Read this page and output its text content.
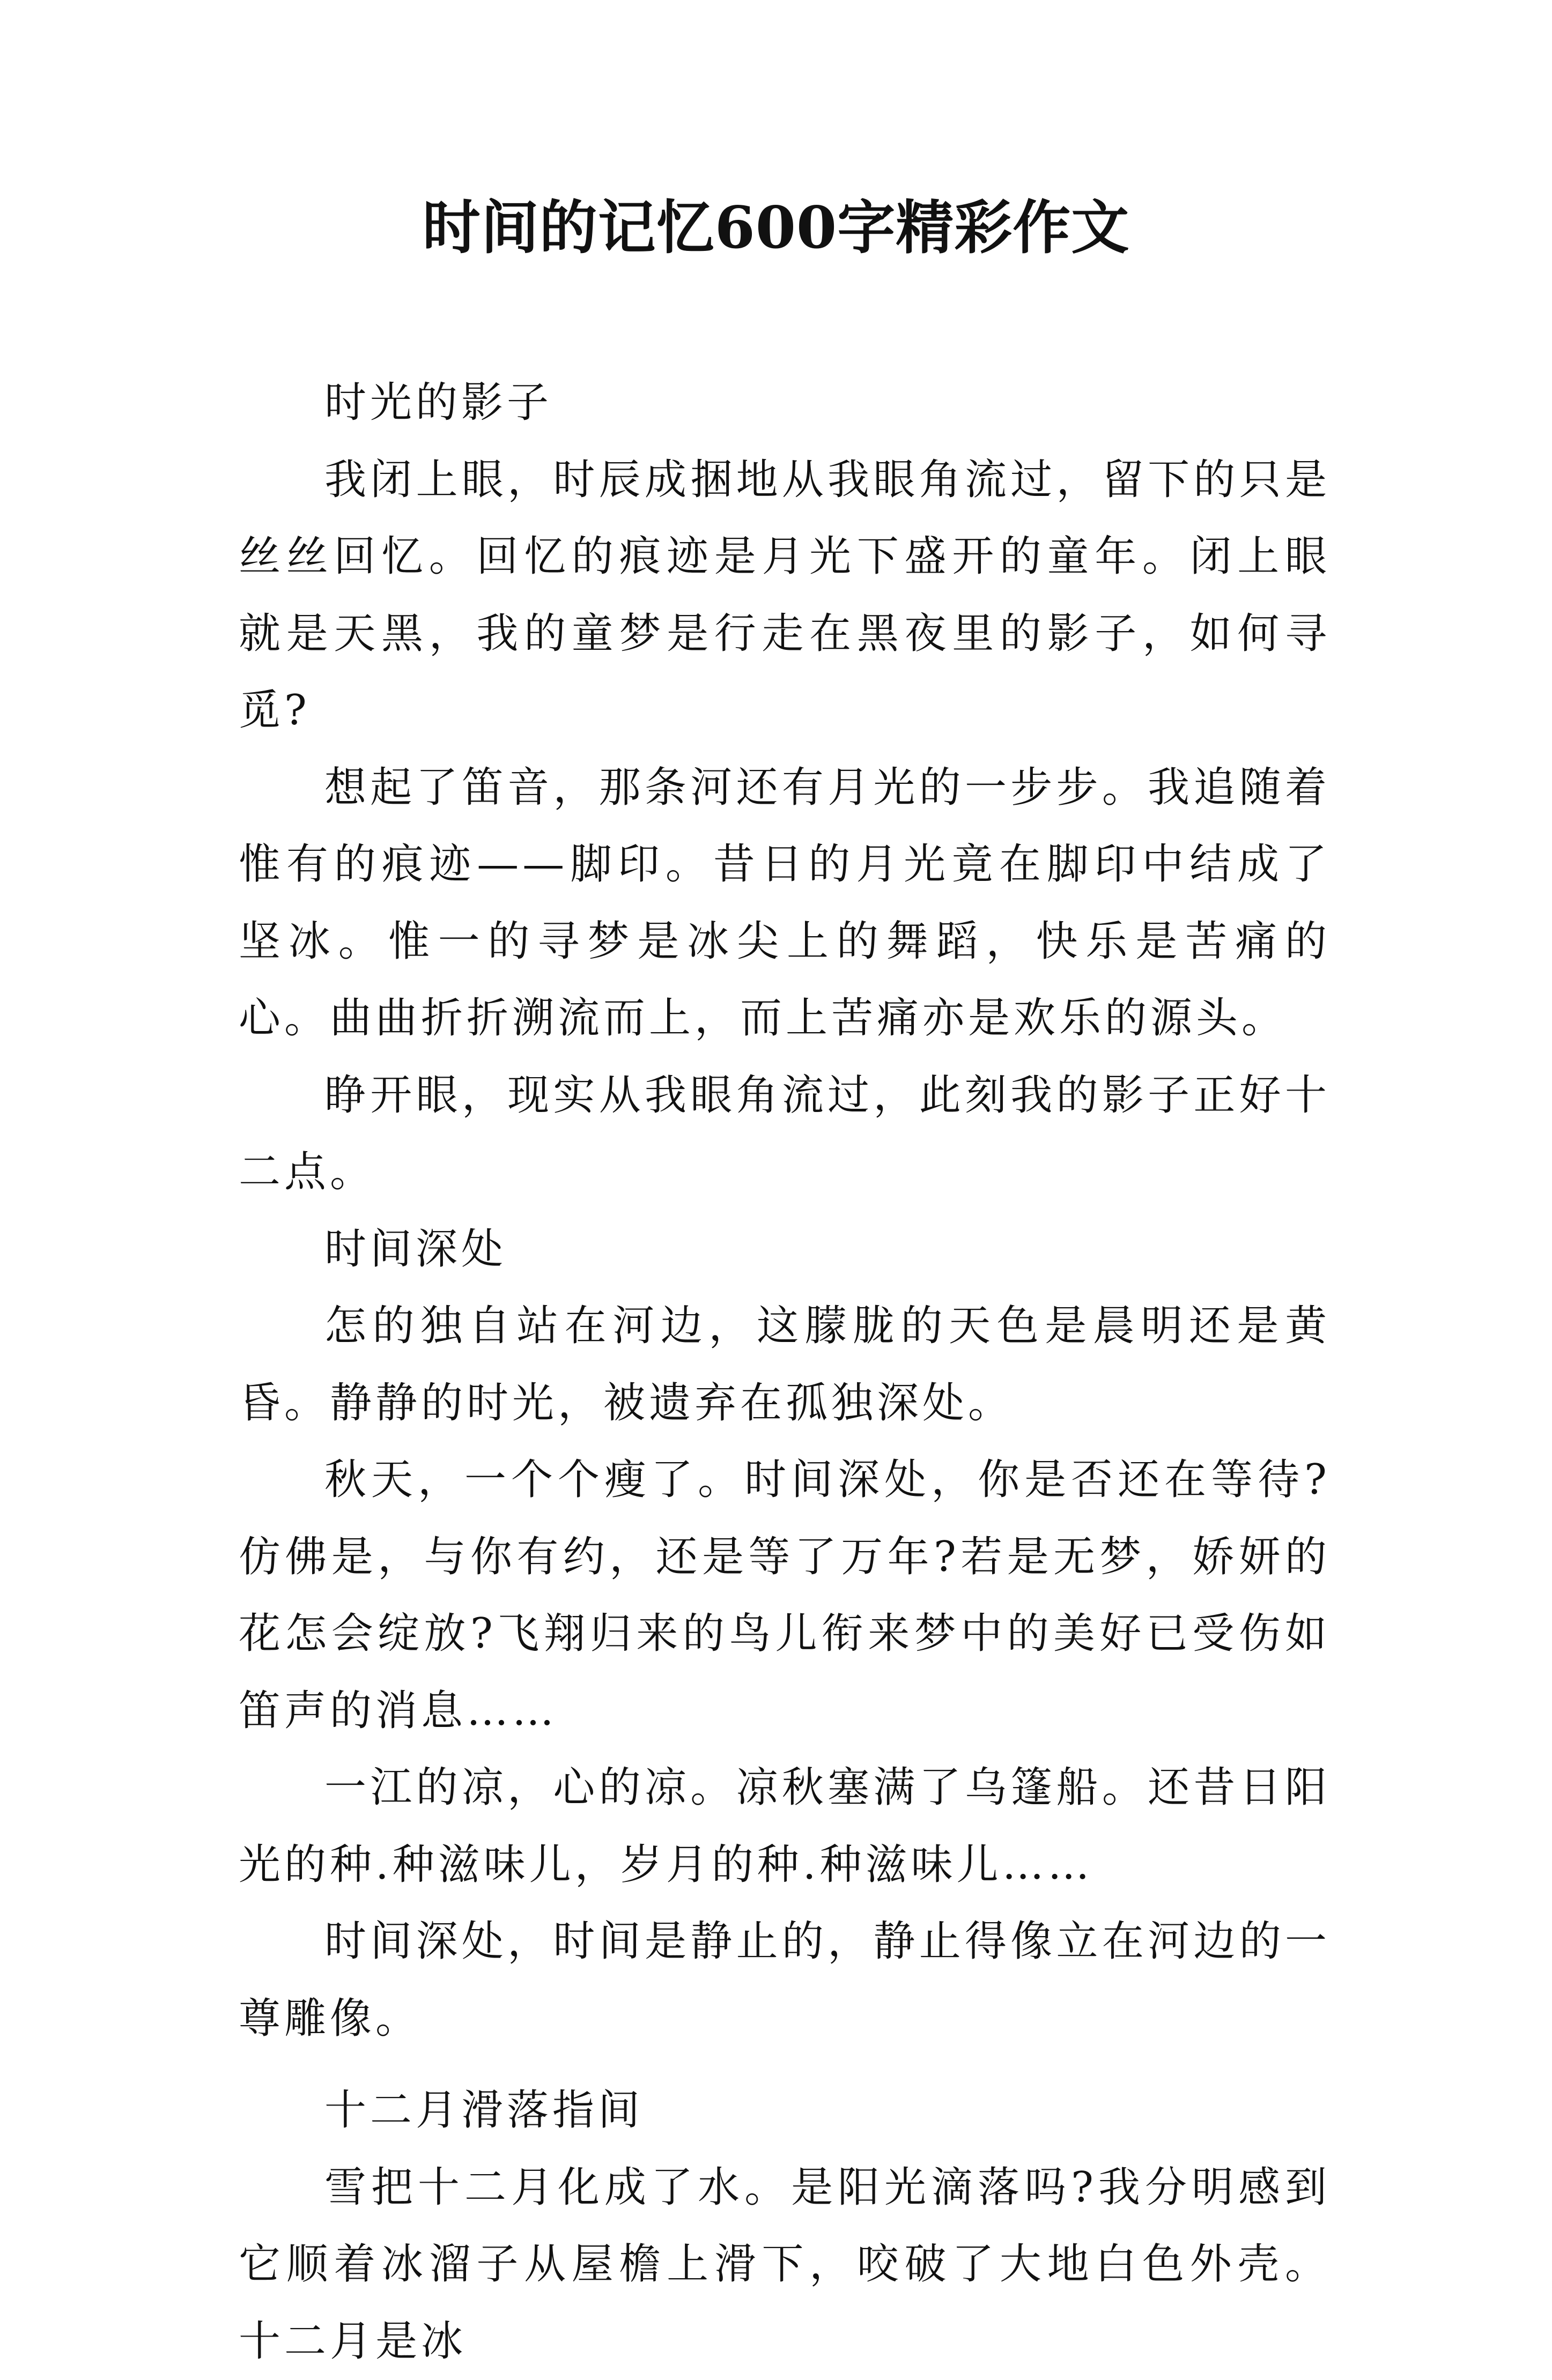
时间的记忆600字精彩作文

时光的影子

我闭上眼，时辰成捆地从我眼角流过，留下的只是丝丝回忆。回忆的痕迹是月光下盛开的童年。闭上眼就是天黑，我的童梦是行走在黑夜里的影子，如何寻觅?

想起了笛音，那条河还有月光的一步步。我追随着惟有的痕迹——脚印。昔日的月光竟在脚印中结成了坚冰。惟一的寻梦是冰尖上的舞蹈，快乐是苦痛的心。曲曲折折溯流而上，而上苦痛亦是欢乐的源头。

睁开眼，现实从我眼角流过，此刻我的影子正好十二点。

时间深处

怎的独自站在河边，这朦胧的天色是晨明还是黄昏。静静的时光，被遗弃在孤独深处。

秋天，一个个瘦了。时间深处，你是否还在等待?仿佛是，与你有约，还是等了万年?若是无梦，娇妍的花怎会绽放?飞翔归来的鸟儿衔来梦中的美好已受伤如笛声的消息……

一江的凉，心的凉。凉秋塞满了乌篷船。还昔日阳光的种.种滋味儿，岁月的种.种滋味儿……

时间深处，时间是静止的，静止得像立在河边的一尊雕像。

十二月滑落指间

雪把十二月化成了水。是阳光滴落吗?我分明感到它顺着冰溜子从屋檐上滑下，咬破了大地白色外壳。十二月是冰
